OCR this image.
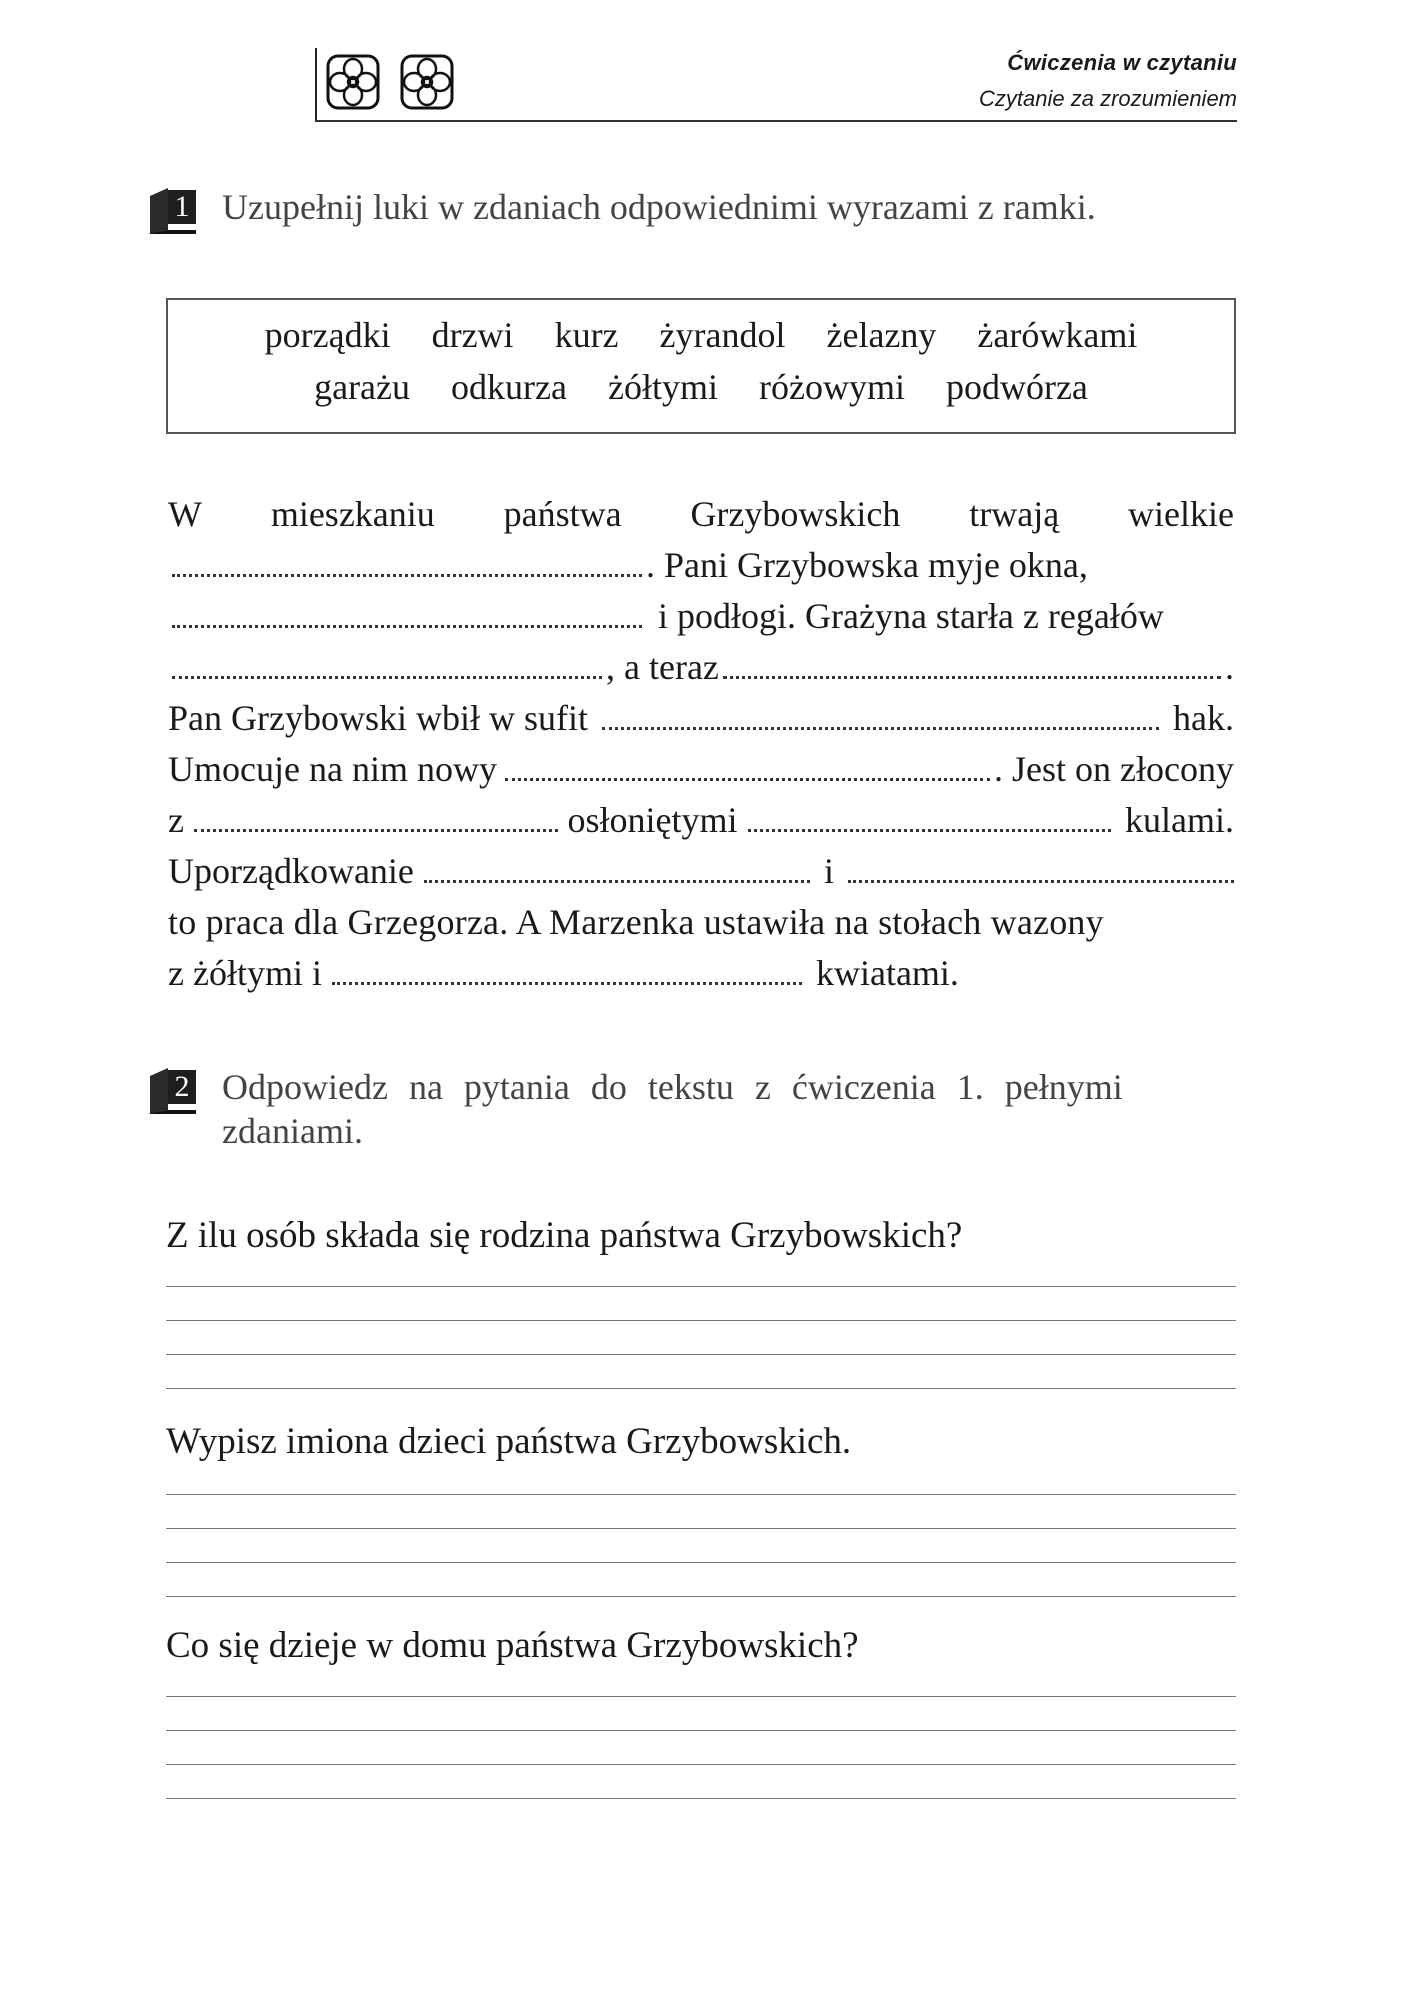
Ćwiczenia w czytaniu
Czytanie za zrozumieniem
1 Uzupełnij luki w zdaniach odpowiednimi wyrazami z ramki.
porządki drzwi kurz żyrandol żelazny żarówkami
garażu odkurza żółtymi różowymi podwórza
W mieszkaniu państwa Grzybowskich trwają wielkie
. Pani Grzybowska myje okna,
i podłogi. Grażyna starła z regałów
, a teraz	.
Pan Grzybowski wbił w sufit	hak.
Umocuje na nim nowy	. Jest on złocony
z	osłoniętymi	kulami.
Uporządkowanie	i
to praca dla Grzegorza. A Marzenka ustawiła na stołach wazony
z żółtymi i	kwiatami.
2 Odpowiedz na pytania do tekstu z ćwiczenia 1. pełnymi
zdaniami.
Z ilu osób składa się rodzina państwa Grzybowskich?
Wypisz imiona dzieci państwa Grzybowskich.
Co się dzieje w domu państwa Grzybowskich?
